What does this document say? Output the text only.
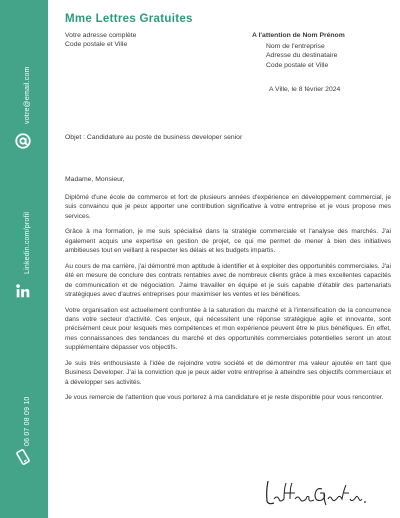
votre@email.com
Linkedin.com/profil
06 07 08 09 10
Mme Lettres Gratuites
Votre adresse complète
Code postale et Ville
A l'attention de Nom Prénom
Nom de l'entreprise
Adresse du destinataire
Code postale et Ville
A Ville, le 8 février 2024
Objet : Candidature au poste de business developer senior
Madame, Monsieur,

Diplômé d'une école de commerce et fort de plusieurs années d'expérience en développement commercial, je suis convaincu que je peux apporter une contribution significative à votre entreprise et je vous propose mes services.

Grâce à ma formation, je me suis spécialisé dans la stratégie commerciale et l'analyse des marchés. J'ai également acquis une expertise en gestion de projet, ce qui me permet de mener à bien des initiatives ambitieuses tout en veillant à respecter les délais et les budgets impartis.

Au cours de ma carrière, j'ai démontré mon aptitude à identifier et à exploiter des opportunités commerciales. J'ai été en mesure de conclure des contrats rentables avec de nombreux clients grâce à mes excellentes capacités de communication et de négociation. J'aime travailler en équipe et je suis capable d'établir des partenariats stratégiques avec d'autres entreprises pour maximiser les ventes et les bénéfices.

Votre organisation est actuellement confrontée à la saturation du marché et à l'intensification de la concurrence dans votre secteur d'activité. Ces enjeux, qui nécessitent une réponse stratégique agile et innovante, sont précisément ceux pour lesquels mes compétences et mon expérience peuvent être le plus bénéfiques. En effet, mes connaissances des tendances du marché et des opportunités commerciales potentielles seront un atout supplémentaire dépasser vos objectifs.

Je suis très enthousiaste à l'idée de rejoindre votre société et de démontrer ma valeur ajoutée en tant que Business Developer. J'ai la conviction que je peux aider votre entreprise à atteindre ses objectifs commerciaux et à développer ses activités.

Je vous remercie de l'attention que vous porterez à ma candidature et je reste disponible pour vous rencontrer.
